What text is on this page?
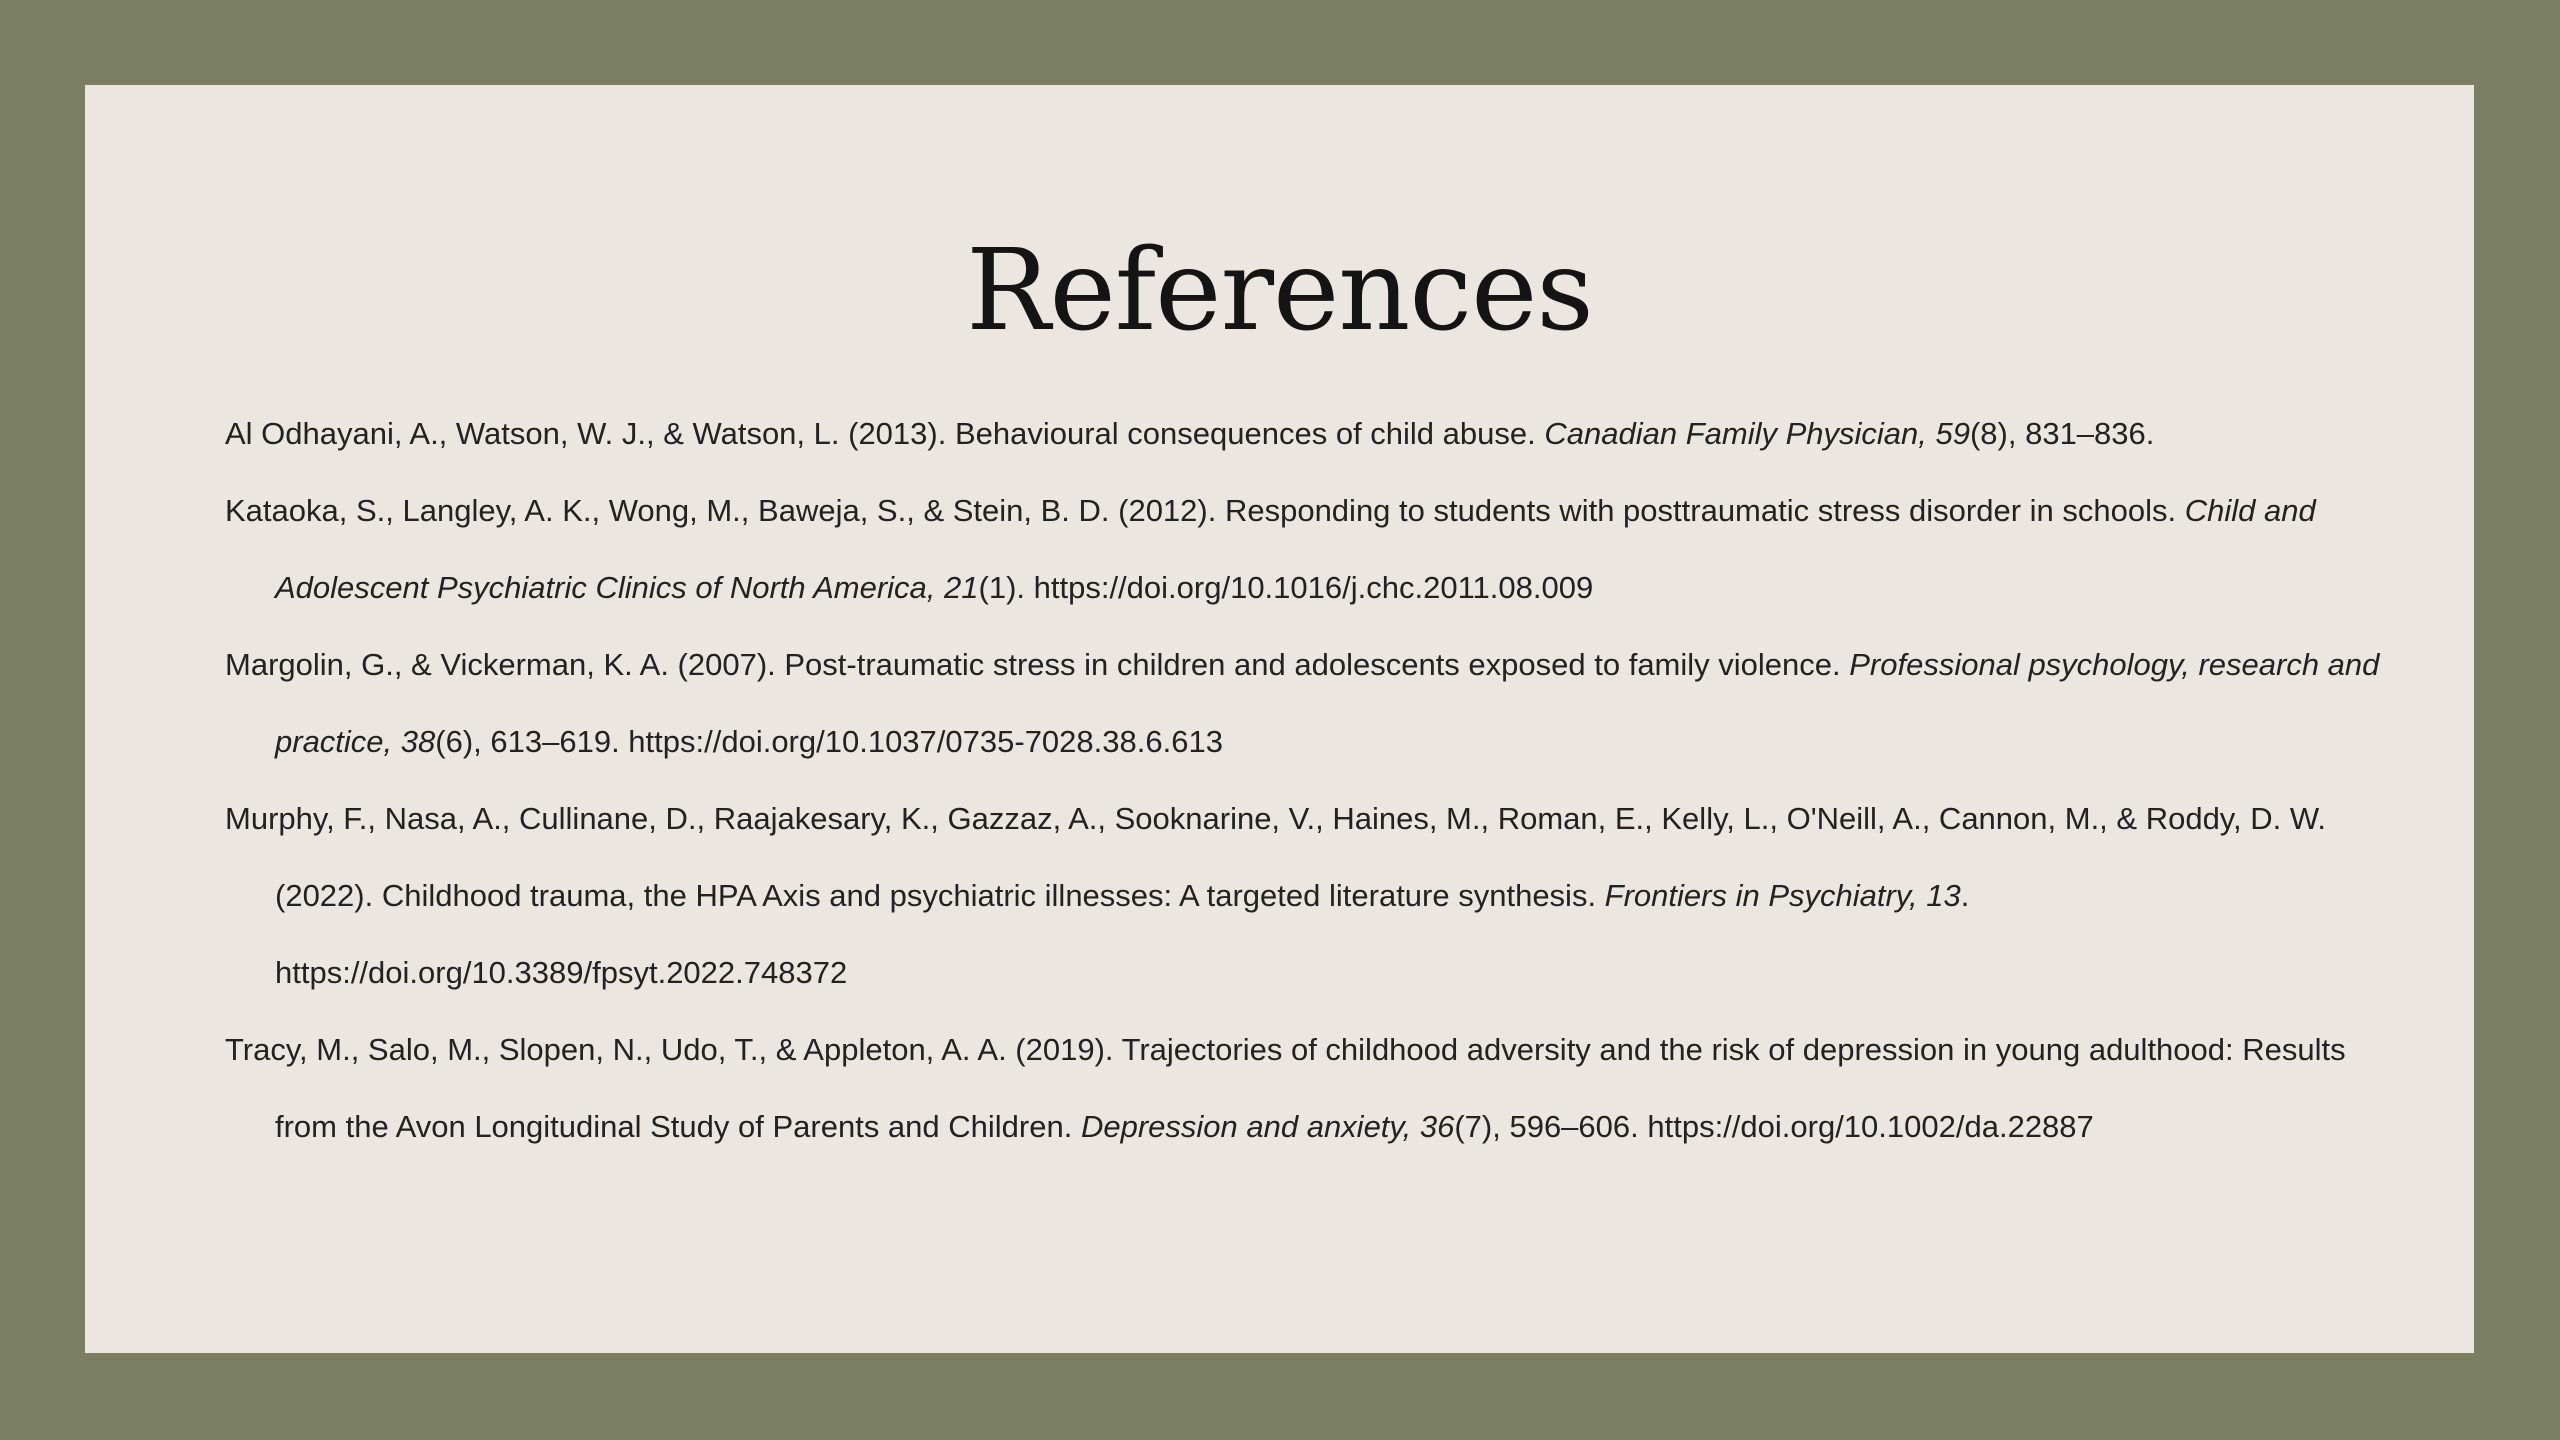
References

Al Odhayani, A., Watson, W. J., & Watson, L. (2013). Behavioural consequences of child abuse. Canadian Family Physician, 59(8), 831–836.

Kataoka, S., Langley, A. K., Wong, M., Baweja, S., & Stein, B. D. (2012). Responding to students with posttraumatic stress disorder in schools. Child and Adolescent Psychiatric Clinics of North America, 21(1). https://doi.org/10.1016/j.chc.2011.08.009

Margolin, G., & Vickerman, K. A. (2007). Post-traumatic stress in children and adolescents exposed to family violence. Professional psychology, research and practice, 38(6), 613–619. https://doi.org/10.1037/0735-7028.38.6.613

Murphy, F., Nasa, A., Cullinane, D., Raajakesary, K., Gazzaz, A., Sooknarine, V., Haines, M., Roman, E., Kelly, L., O'Neill, A., Cannon, M., & Roddy, D. W. (2022). Childhood trauma, the HPA Axis and psychiatric illnesses: A targeted literature synthesis. Frontiers in Psychiatry, 13. https://doi.org/10.3389/fpsyt.2022.748372

Tracy, M., Salo, M., Slopen, N., Udo, T., & Appleton, A. A. (2019). Trajectories of childhood adversity and the risk of depression in young adulthood: Results from the Avon Longitudinal Study of Parents and Children. Depression and anxiety, 36(7), 596–606. https://doi.org/10.1002/da.22887
